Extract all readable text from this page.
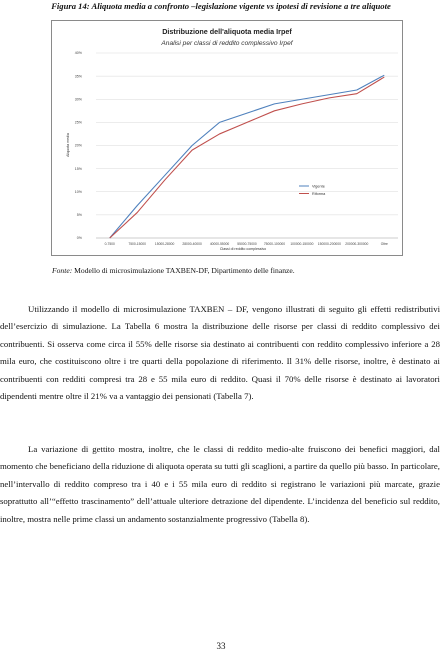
Figura 14: Aliquota media a confronto –legislazione vigente vs ipotesi di revisione a tre aliquote
Distribuzione dell'aliquota media Irpef
Analisi per classi di reddito complessivo Irpef
Aliquota media
Classi di reddito complessivo
0%
5%
10%
15%
20%
25%
30%
35%
40%
0-7500	7500-15000	15000-28000 28000-40000 40000-55000 55000-75000 75000-100000 100000-150000 150000-200000 200000-300000	Oltre
Vigente
Riforma
Fonte: Modello di microsimulazione TAXBEN-DF, Dipartimento delle finanze.

Utilizzando il modello di microsimulazione TAXBEN – DF, vengono illustrati di seguito gli effetti redistributivi dell’esercizio di simulazione. La Tabella 6 mostra la distribuzione delle risorse per classi di reddito complessivo dei contribuenti. Si osserva come circa il 55% delle risorse sia destinato ai contribuenti con reddito complessivo inferiore a 28 mila euro, che costituiscono oltre i tre quarti della popolazione di riferimento. Il 31% delle risorse, inoltre, è destinato ai contribuenti con redditi compresi tra 28 e 55 mila euro di reddito. Quasi il 70% delle risorse è destinato ai lavoratori dipendenti mentre oltre il 21% va a vantaggio dei pensionati (Tabella 7).

La variazione di gettito mostra, inoltre, che le classi di reddito medio-alte fruiscono dei benefici maggiori, dal momento che beneficiano della riduzione di aliquota operata su tutti gli scaglioni, a partire da quello più basso. In particolare, nell’intervallo di reddito compreso tra i 40 e i 55 mila euro di reddito si registrano le variazioni più marcate, grazie soprattutto all’“effetto trascinamento” dell’attuale ulteriore detrazione del dipendente. L’incidenza del beneficio sul reddito, inoltre, mostra nelle prime classi un andamento sostanzialmente progressivo (Tabella 8).

33
